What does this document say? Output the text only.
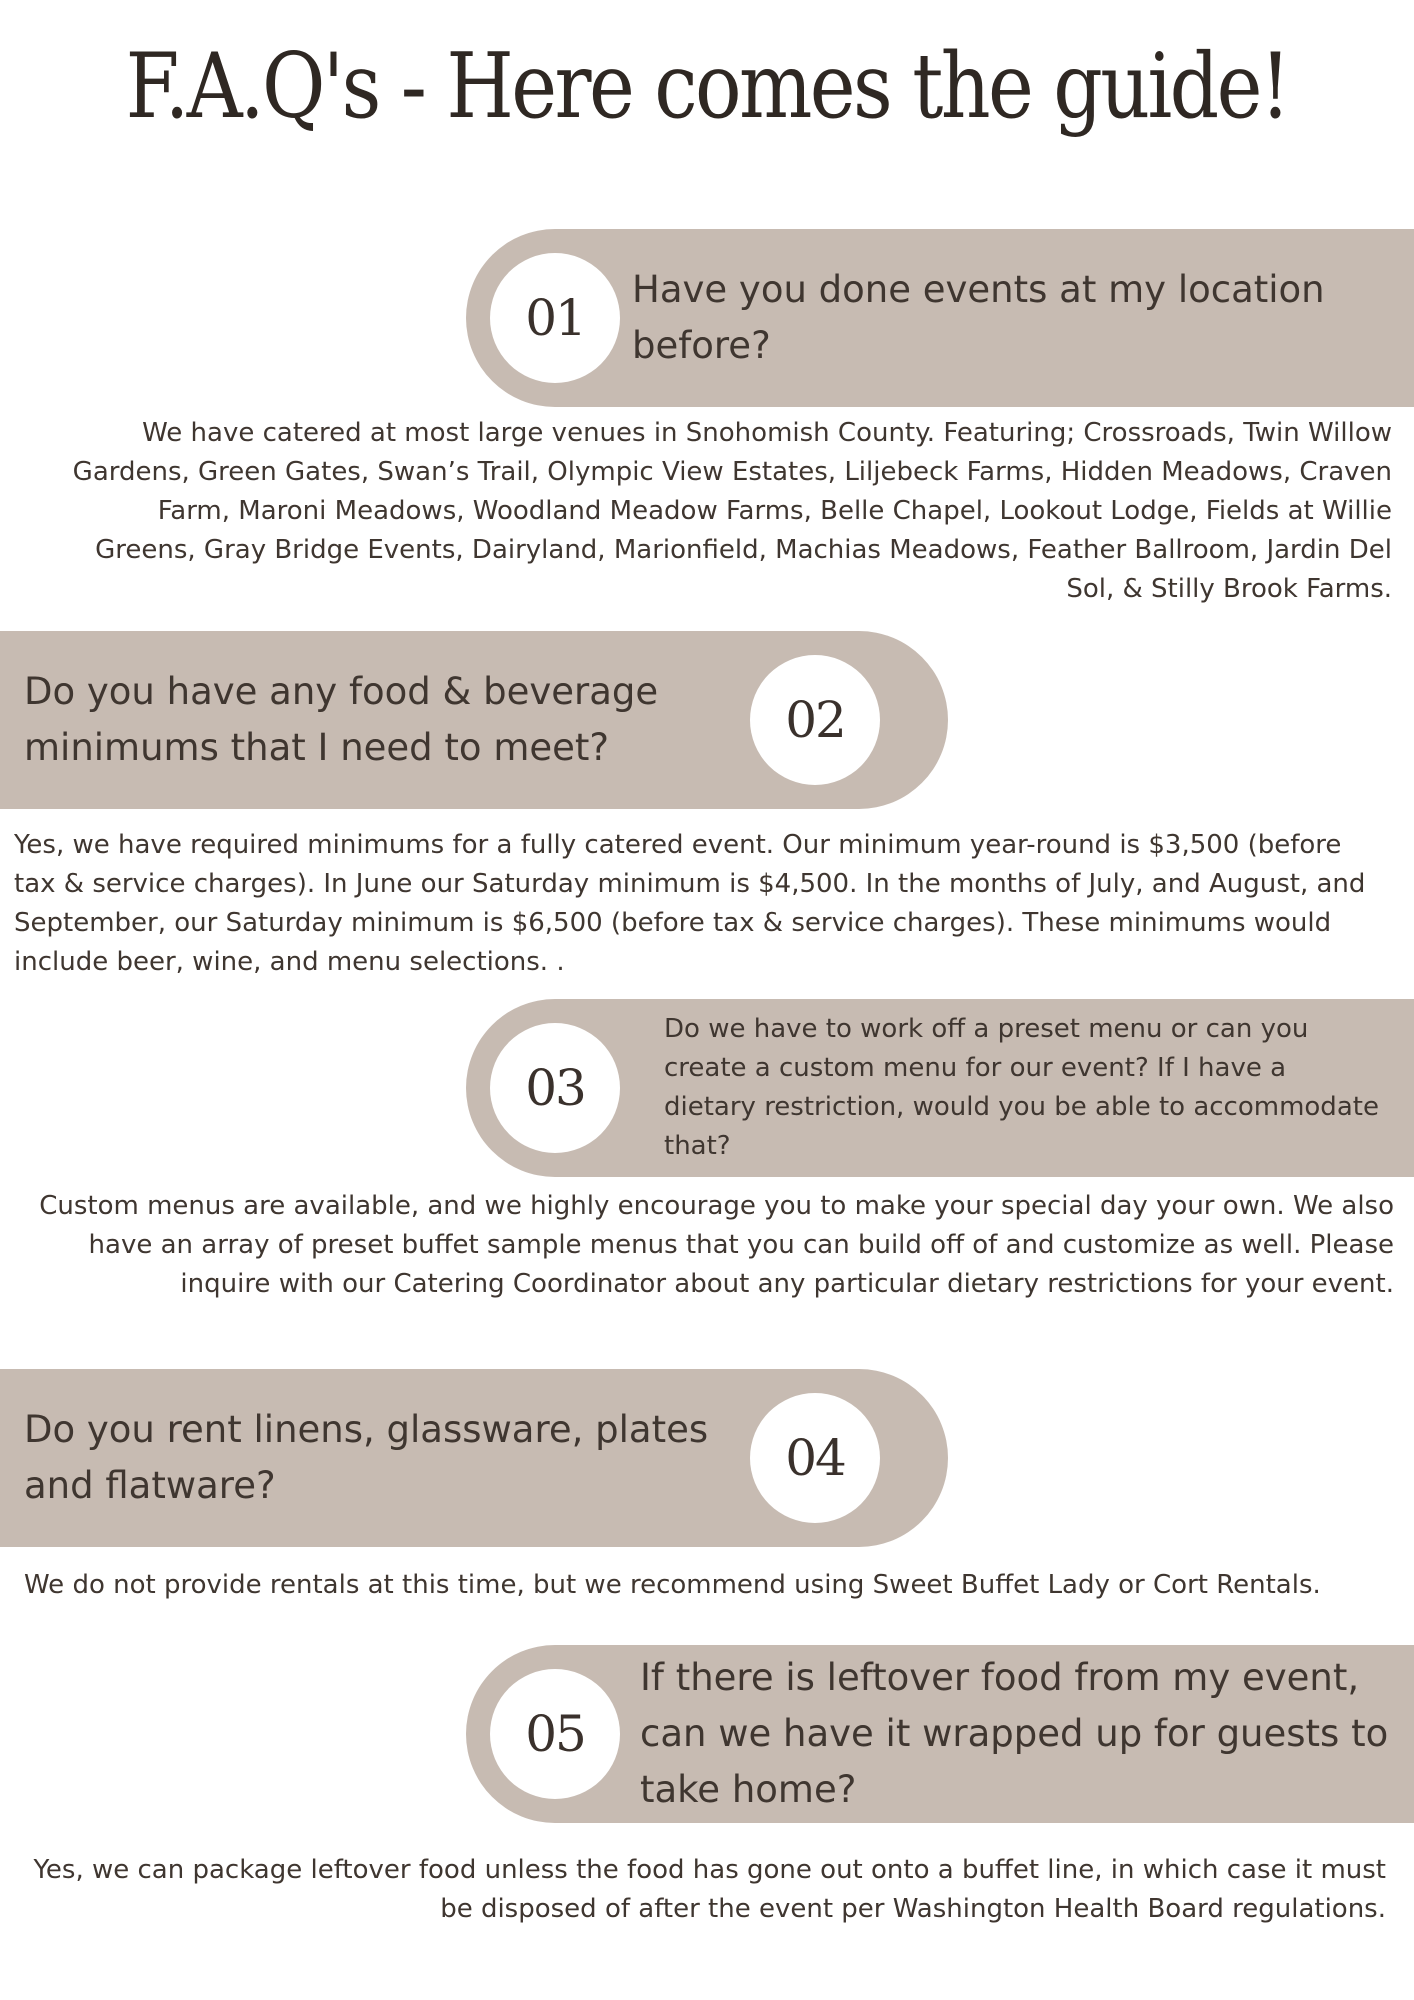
F.A.Q's - Here comes the guide!
01	Have you done events at my location before?

We have catered at most large venues in Snohomish County. Featuring; Crossroads, Twin Willow Gardens, Green Gates, Swan’s Trail, Olympic View Estates, Liljebeck Farms, Hidden Meadows, Craven Farm, Maroni Meadows, Woodland Meadow Farms, Belle Chapel, Lookout Lodge, Fields at Willie Greens, Gray Bridge Events, Dairyland, Marionfield, Machias Meadows, Feather Ballroom, Jardin Del Sol, & Stilly Brook Farms.

Do you have any food & beverage minimums that I need to meet?	02

Yes, we have required minimums for a fully catered event. Our minimum year-round is $3,500 (before tax & service charges). In June our Saturday minimum is $4,500. In the months of July, and August, and September, our Saturday minimum is $6,500 (before tax & service charges). These minimums would include beer, wine, and menu selections. .

03
Do we have to work off a preset menu or can you create a custom menu for our event? If I have a dietary restriction, would you be able to accommodate that?

Custom menus are available, and we highly encourage you to make your special day your own. We also have an array of preset buffet sample menus that you can build off of and customize as well. Please inquire with our Catering Coordinator about any particular dietary restrictions for your event.

Do you rent linens, glassware, plates and flatware?	04

We do not provide rentals at this time, but we recommend using Sweet Buffet Lady or Cort Rentals.

05
If there is leftover food from my event, can we have it wrapped up for guests to take home?

Yes, we can package leftover food unless the food has gone out onto a buffet line, in which case it must be disposed of after the event per Washington Health Board regulations.
